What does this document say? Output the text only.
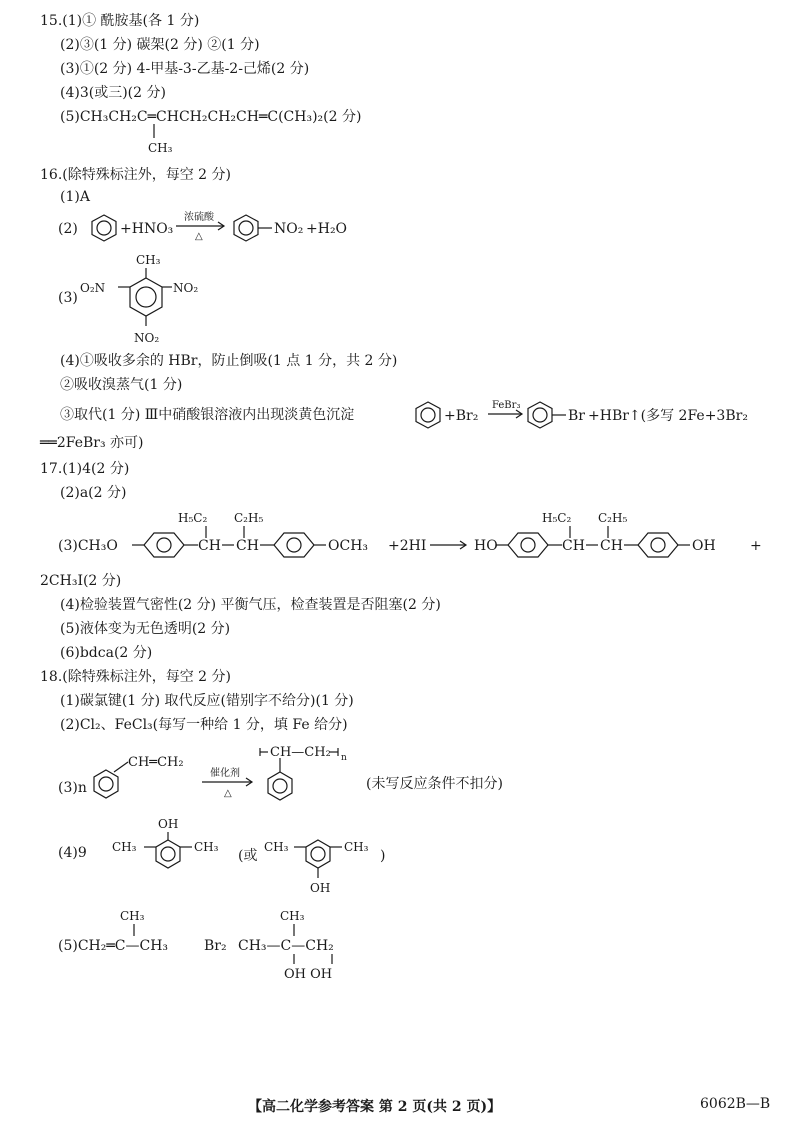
15.(1)① 酰胺基(各 1 分)
(2)③(1 分) 碳架(2 分) ②(1 分)
(3)①(2 分) 4-甲基-3-乙基-2-己烯(2 分)
(4)3(或三)(2 分)
(5)CH₃CH₂C═CHCH₂CH₂CH═C(CH₃)₂(2 分)
CH₃
16.(除特殊标注外，每空 2 分)
(1)A
(2)	+HNO₃
浓硫酸
△	NO₂ +H₂O
(3)
CH₃
O₂N	NO₂
NO₂
(4)①吸收多余的 HBr，防止倒吸(1 点 1 分，共 2 分)
②吸收溴蒸气(1 分)
③取代(1 分) Ⅲ中硝酸银溶液内出现淡黄色沉淀	+Br₂
FeBr₃
Br +HBr↑(多写 2Fe+3Br₂
══2FeBr₃ 亦可)
17.(1)4(2 分)
(2)a(2 分)
(3)CH₃O
H₅C₂
CH
C₂H₅
CH	OCH₃ +2HI	HO
H₅C₂
CH
C₂H₅
CH	OH +
2CH₃I(2 分)
(4)检验装置气密性(2 分) 平衡气压，检查装置是否阻塞(2 分)
(5)液体变为无色透明(2 分)
(6)bdca(2 分)
18.(除特殊标注外，每空 2 分)
(1)碳氯键(1 分) 取代反应(错别字不给分)(1 分)
(2)Cl₂、FeCl₃(每写一种给 1 分，填 Fe 给分)
(3)n
CH═CH₂
催化剂
△
CH—CH₂ n
(未写反应条件不扣分)
(4)9
OH
CH₃	CH₃
(或
CH₃	CH₃
OH
)
CH₃
(5)CH₂═C—CH₃	Br₂
CH₃
CH₃—C—CH₂
OH OH
【高二化学参考答案 第 2 页(共 2 页)】	6062B—B
